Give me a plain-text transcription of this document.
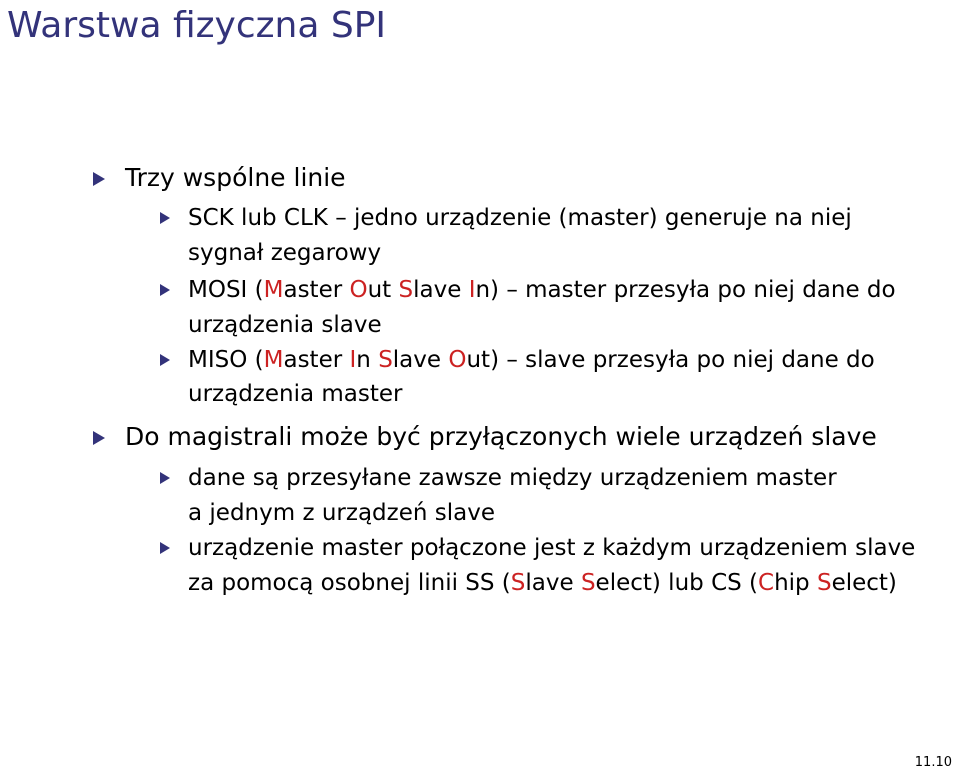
Warstwa fizyczna SPI
Trzy wspólne linie
SCK lub CLK – jedno urządzenie (master) generuje na niej
sygnał zegarowy
MOSI (Master Out Slave In) – master przesyła po niej dane do
urządzenia slave
MISO (Master In Slave Out) – slave przesyła po niej dane do
urządzenia master
Do magistrali może być przyłączonych wiele urządzeń slave
dane są przesyłane zawsze między urządzeniem master
a jednym z urządzeń slave
urządzenie master połączone jest z każdym urządzeniem slave
za pomocą osobnej linii SS (Slave Select) lub CS (Chip Select)
11.10
